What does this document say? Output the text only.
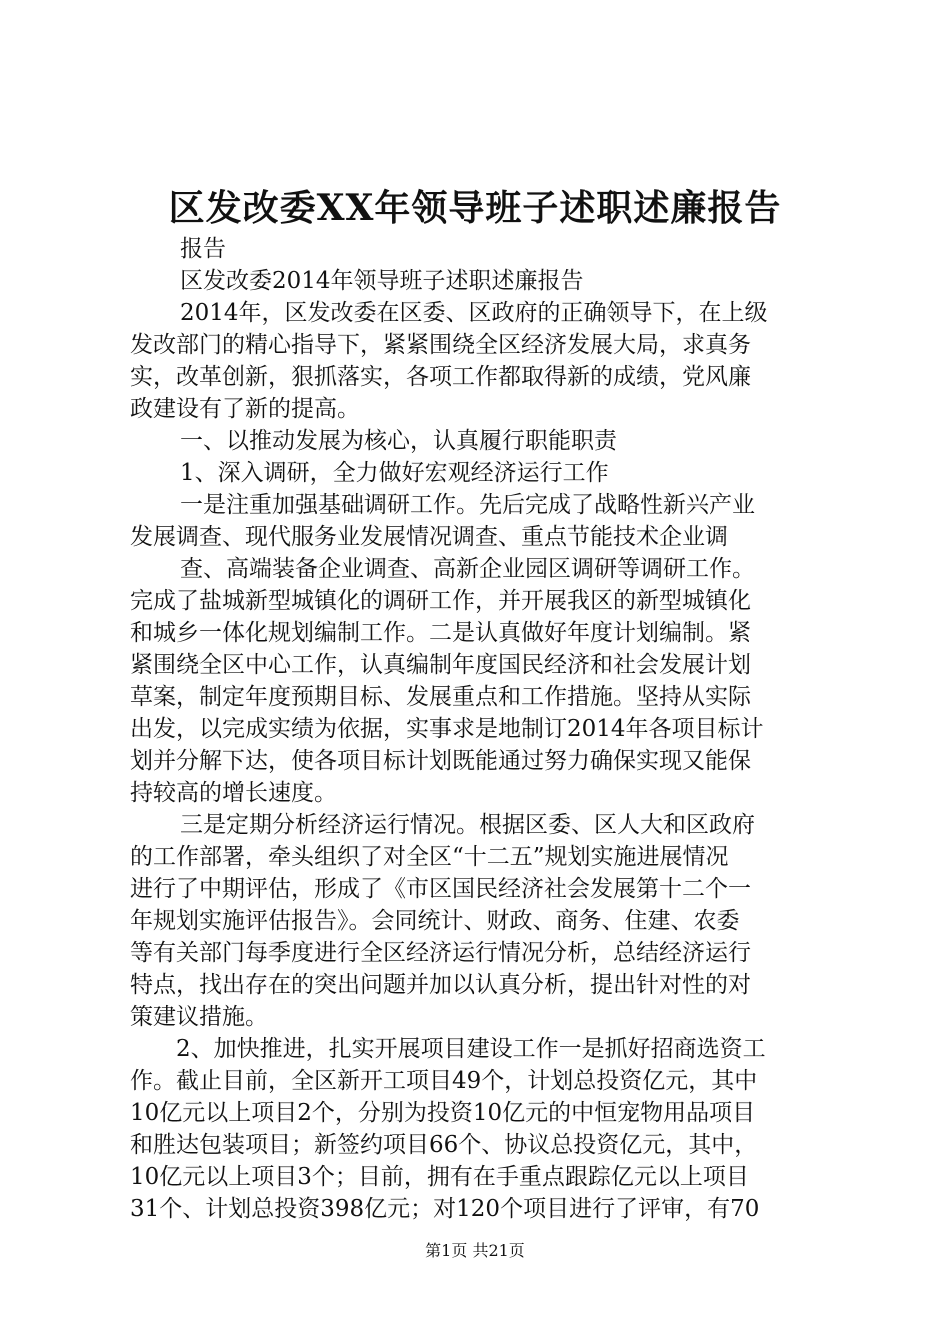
区发改委XX年领导班子述职述廉报告
报告
区发改委2014年领导班子述职述廉报告
2014年，区发改委在区委、区政府的正确领导下，在上级
发改部门的精心指导下，紧紧围绕全区经济发展大局，求真务
实，改革创新，狠抓落实，各项工作都取得新的成绩，党风廉
政建设有了新的提高。
一、以推动发展为核心，认真履行职能职责
1、深入调研，全力做好宏观经济运行工作
一是注重加强基础调研工作。先后完成了战略性新兴产业
发展调查、现代服务业发展情况调查、重点节能技术企业调
查、高端装备企业调查、高新企业园区调研等调研工作。
完成了盐城新型城镇化的调研工作，并开展我区的新型城镇化
和城乡一体化规划编制工作。二是认真做好年度计划编制。紧
紧围绕全区中心工作，认真编制年度国民经济和社会发展计划
草案，制定年度预期目标、发展重点和工作措施。坚持从实际
出发，以完成实绩为依据，实事求是地制订2014年各项目标计
划并分解下达，使各项目标计划既能通过努力确保实现又能保
持较高的增长速度。
三是定期分析经济运行情况。根据区委、区人大和区政府
的工作部署，牵头组织了对全区“十二五”规划实施进展情况
进行了中期评估，形成了《市区国民经济社会发展第十二个一
年规划实施评估报告》。会同统计、财政、商务、住建、农委
等有关部门每季度进行全区经济运行情况分析，总结经济运行
特点，找出存在的突出问题并加以认真分析，提出针对性的对
策建议措施。
2、加快推进，扎实开展项目建设工作一是抓好招商选资工
作。截止目前，全区新开工项目49个，计划总投资亿元，其中
10亿元以上项目2个，分别为投资10亿元的中恒宠物用品项目
和胜达包装项目；新签约项目66个、协议总投资亿元，其中，
10亿元以上项目3个；目前，拥有在手重点跟踪亿元以上项目
31个、计划总投资398亿元；对120个项目进行了评审，有70
第1页 共21页
